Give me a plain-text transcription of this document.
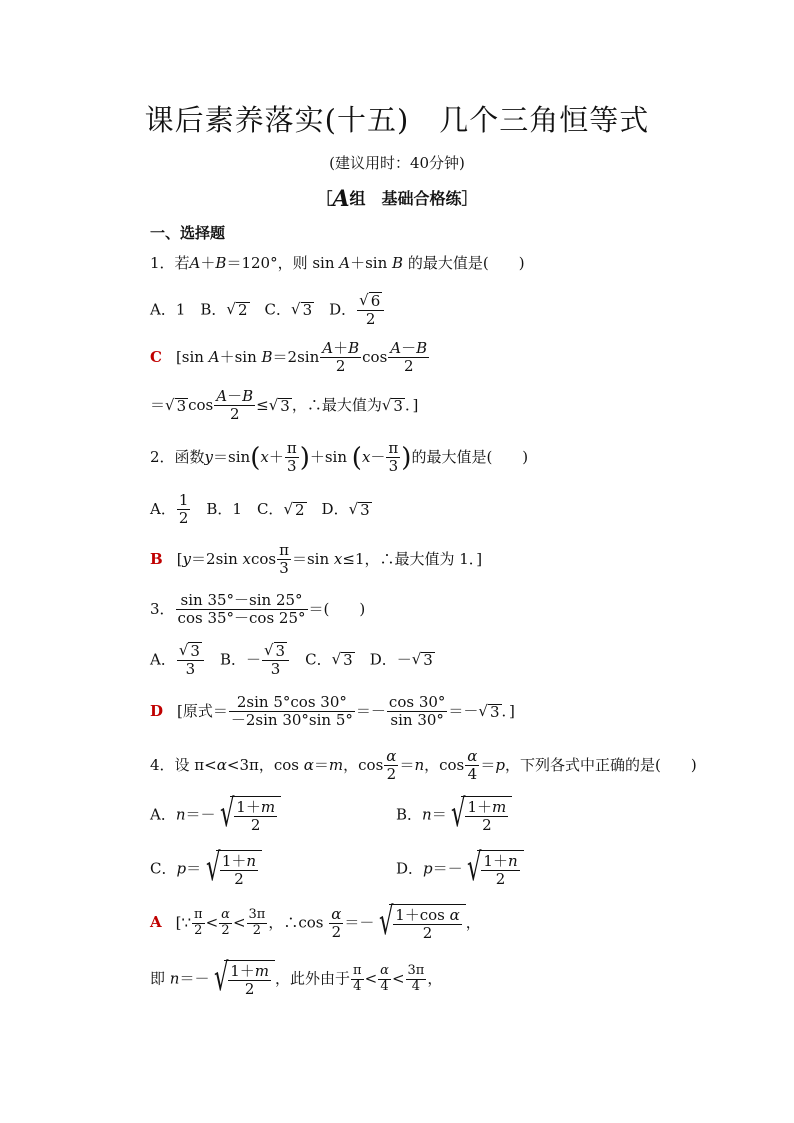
课后素养落实(十五)　几个三角恒等式
(建议用时：40分钟)
［A组　基础合格练］
一、选择题
1．若A＋B＝120°，则 sin A＋sin B 的最大值是(　　)
A．1　B．√ 2　C．√ 3　D． $\frac{√ 6}{2}$
C [sin A＋sin $B=2\sin \frac{A+B}{2}$ $\cos \frac{A-B}{2}$
＝√ 3 $\cos \frac{A-B}{2}$ ≤√ 3 ，∴最大值为√ 3 ．]
2．函数$y=\sin(x+ \frac{\pi}{3} )+\sin$ ($x- \frac{\pi}{3}$ )的最大值是(　　)
A． $\frac{1}{2}$ 　B．1　C．√ 2　D．√ 3
B [y＝2sin xcos $\frac{\pi}{3} =\sin$ x≤1，∴最大值为 1．]
3． $\frac{\sin 35^\circ-\sin 25^\circ}{\cos 35^\circ-\cos 25^\circ}$ ＝(　　)
A． $\frac{√ 3}{3}$ 　B．－ $\frac{√ 3}{3}$ 　C．√ 3　D．－√ 3
D [原式＝ $\frac{2\sin 5^\circ\cos 30^\circ}{-2\sin 30^\circ\sin 5^\circ} =- \frac{\cos 30^\circ}{\sin 30^\circ}$ ＝－√ 3 ．]
4．设 π<α<3π，cos α＝m，$\cos \frac{\alpha}{2} =n$，$\cos \frac{\alpha}{4} =p$，下列各式中正确的是(　　)
A．n＝－ √ $\frac{1+m}{2}$	B．n＝ √ $\frac{1+m}{2}$
C．p＝ √ $\frac{1+n}{2}$	D．p＝－ √ $\frac{1+n}{2}$
A [∵ $\frac{\pi}{2} < \frac{\alpha}{2} < \frac{3\pi}{2}$ ，∴cos $\frac{\alpha}{2}$ ＝－ √ $\frac{\text{1＋cos α}}{2}$ ，
即 n＝－ √ $\frac{1+m}{2}$ ，此外由于 $\frac{\pi}{4} < \frac{\alpha}{4} < \frac{3\pi}{4}$ ，
